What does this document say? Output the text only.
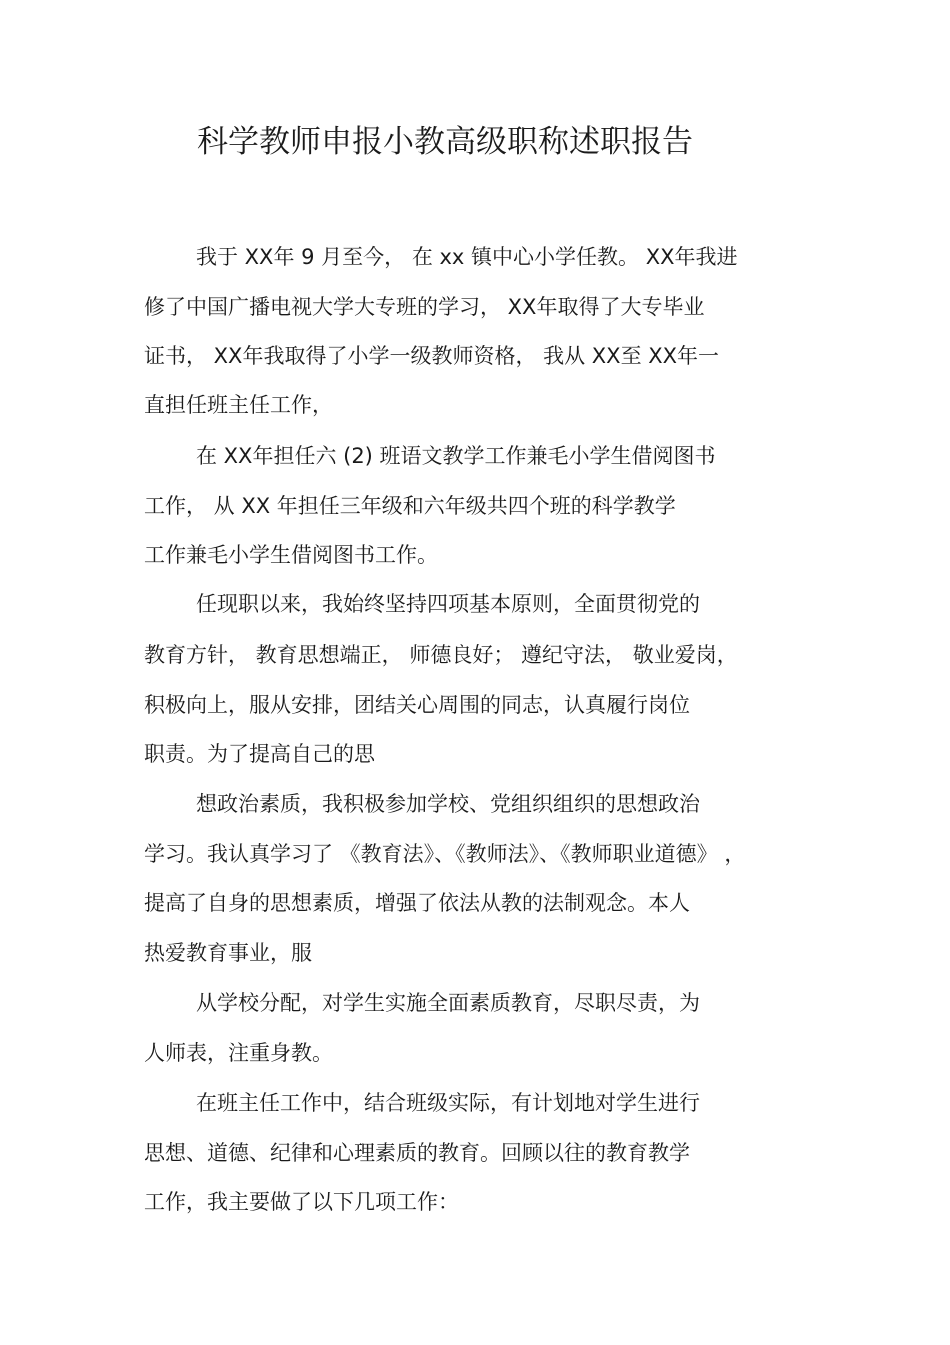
科学教师申报小教高级职称述职报告
我于 XX年 9 月至今， 在 xx 镇中心小学任教。 XX年我进
修了中国广播电视大学大专班的学习， XX年取得了大专毕业
证书， XX年我取得了小学一级教师资格， 我从 XX至 XX年一
直担任班主任工作，
在 XX年担任六 (2) 班语文教学工作兼毛小学生借阅图书
工作， 从 XX 年担任三年级和六年级共四个班的科学教学
工作兼毛小学生借阅图书工作。
任现职以来，我始终坚持四项基本原则，全面贯彻党的
教育方针， 教育思想端正， 师德良好； 遵纪守法， 敬业爱岗，
积极向上，服从安排，团结关心周围的同志，认真履行岗位
职责。为了提高自己的思
想政治素质，我积极参加学校、党组织组织的思想政治
学习。我认真学习了 《教育法》、《教师法》、《教师职业道德》 ，
提高了自身的思想素质，增强了依法从教的法制观念。本人
热爱教育事业，服
从学校分配，对学生实施全面素质教育，尽职尽责，为
人师表，注重身教。
在班主任工作中，结合班级实际，有计划地对学生进行
思想、道德、纪律和心理素质的教育。回顾以往的教育教学
工作，我主要做了以下几项工作：
